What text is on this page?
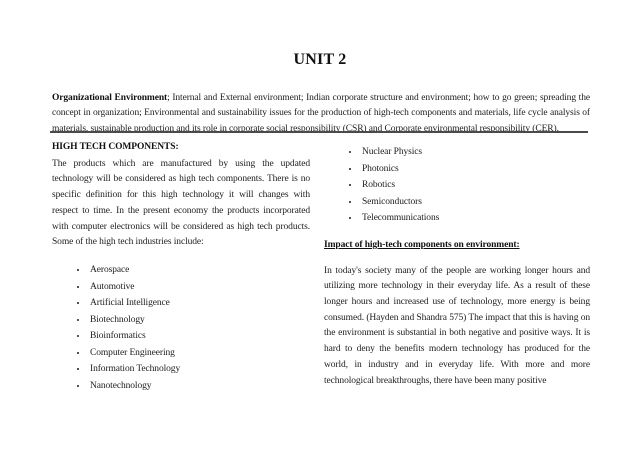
UNIT 2

Organizational Environment; Internal and External environment; Indian corporate structure and environment; how to go green; spreading the concept in organization; Environmental and sustainability issues for the production of high-tech components and materials, life cycle analysis of materials, sustainable production and its role in corporate social responsibility (CSR) and Corporate environmental responsibility (CER).

HIGH TECH COMPONENTS:

The products which are manufactured by using the updated technology will be considered as high tech components. There is no specific definition for this high technology it will changes with respect to time. In the present economy the products incorporated with computer electronics will be considered as high tech products. Some of the high tech industries include:

• Aerospace
• Automotive
• Artificial Intelligence
• Biotechnology
• Bioinformatics
• Computer Engineering
• Information Technology
• Nanotechnology
• Nuclear Physics
• Photonics
• Robotics
• Semiconductors
• Telecommunications

Impact of high-tech components on environment:

In today's society many of the people are working longer hours and utilizing more technology in their everyday life. As a result of these longer hours and increased use of technology, more energy is being consumed. (Hayden and Shandra 575) The impact that this is having on the environment is substantial in both negative and positive ways. It is hard to deny the benefits modern technology has produced for the world, in industry and in everyday life. With more and more technological breakthroughs, there have been many positive
